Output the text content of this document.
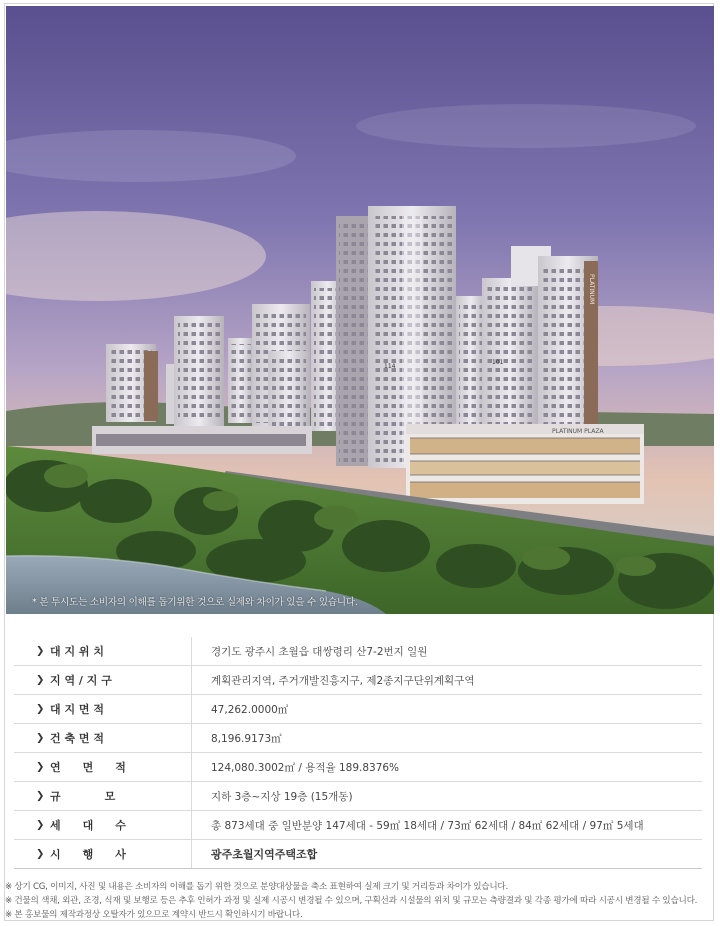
114
PLATINUM
101
PLATINUM PLAZA
* 본 투시도는 소비자의 이해를 돕기위한 것으로 실제와 차이가 있을 수 있습니다.
❯ 대 지 위 치	경기도 광주시 초월읍 대쌍령리 산7-2번지 일원

❯ 지 역 / 지 구	계획관리지역, 주거개발진흥지구, 제2종지구단위계획구역

❯ 대 지 면 적	47,262.0000㎡

❯ 건 축 면 적	8,196.9173㎡

❯ 연　　면　　적	124,080.3002㎡ / 용적율 189.8376%

❯ 규　　　　모	지하 3층~지상 19층 (15개동)

❯ 세　　대　　수	총 873세대 중 일반분양 147세대 - 59㎡ 18세대 / 73㎡ 62세대 / 84㎡ 62세대 / 97㎡ 5세대

❯ 시　　행　　사	광주초월지역주택조합
※ 상기 CG, 이미지, 사진 및 내용은 소비자의 이해를 돕기 위한 것으로 분양대상물을 축소 표현하여 실제 크기 및 거리등과 차이가 있습니다.
※ 건물의 색채, 외관, 조경, 식재 및 보행로 등은 추후 인허가 과정 및 실제 시공시 변경될 수 있으며, 구획선과 시설물의 위치 및 규모는 측량결과 및 각종 평가에 따라 시공시 변경될 수 있습니다.
※ 본 홍보물의 제작과정상 오탈자가 있으므로 계약시 반드시 확인하시기 바랍니다.
